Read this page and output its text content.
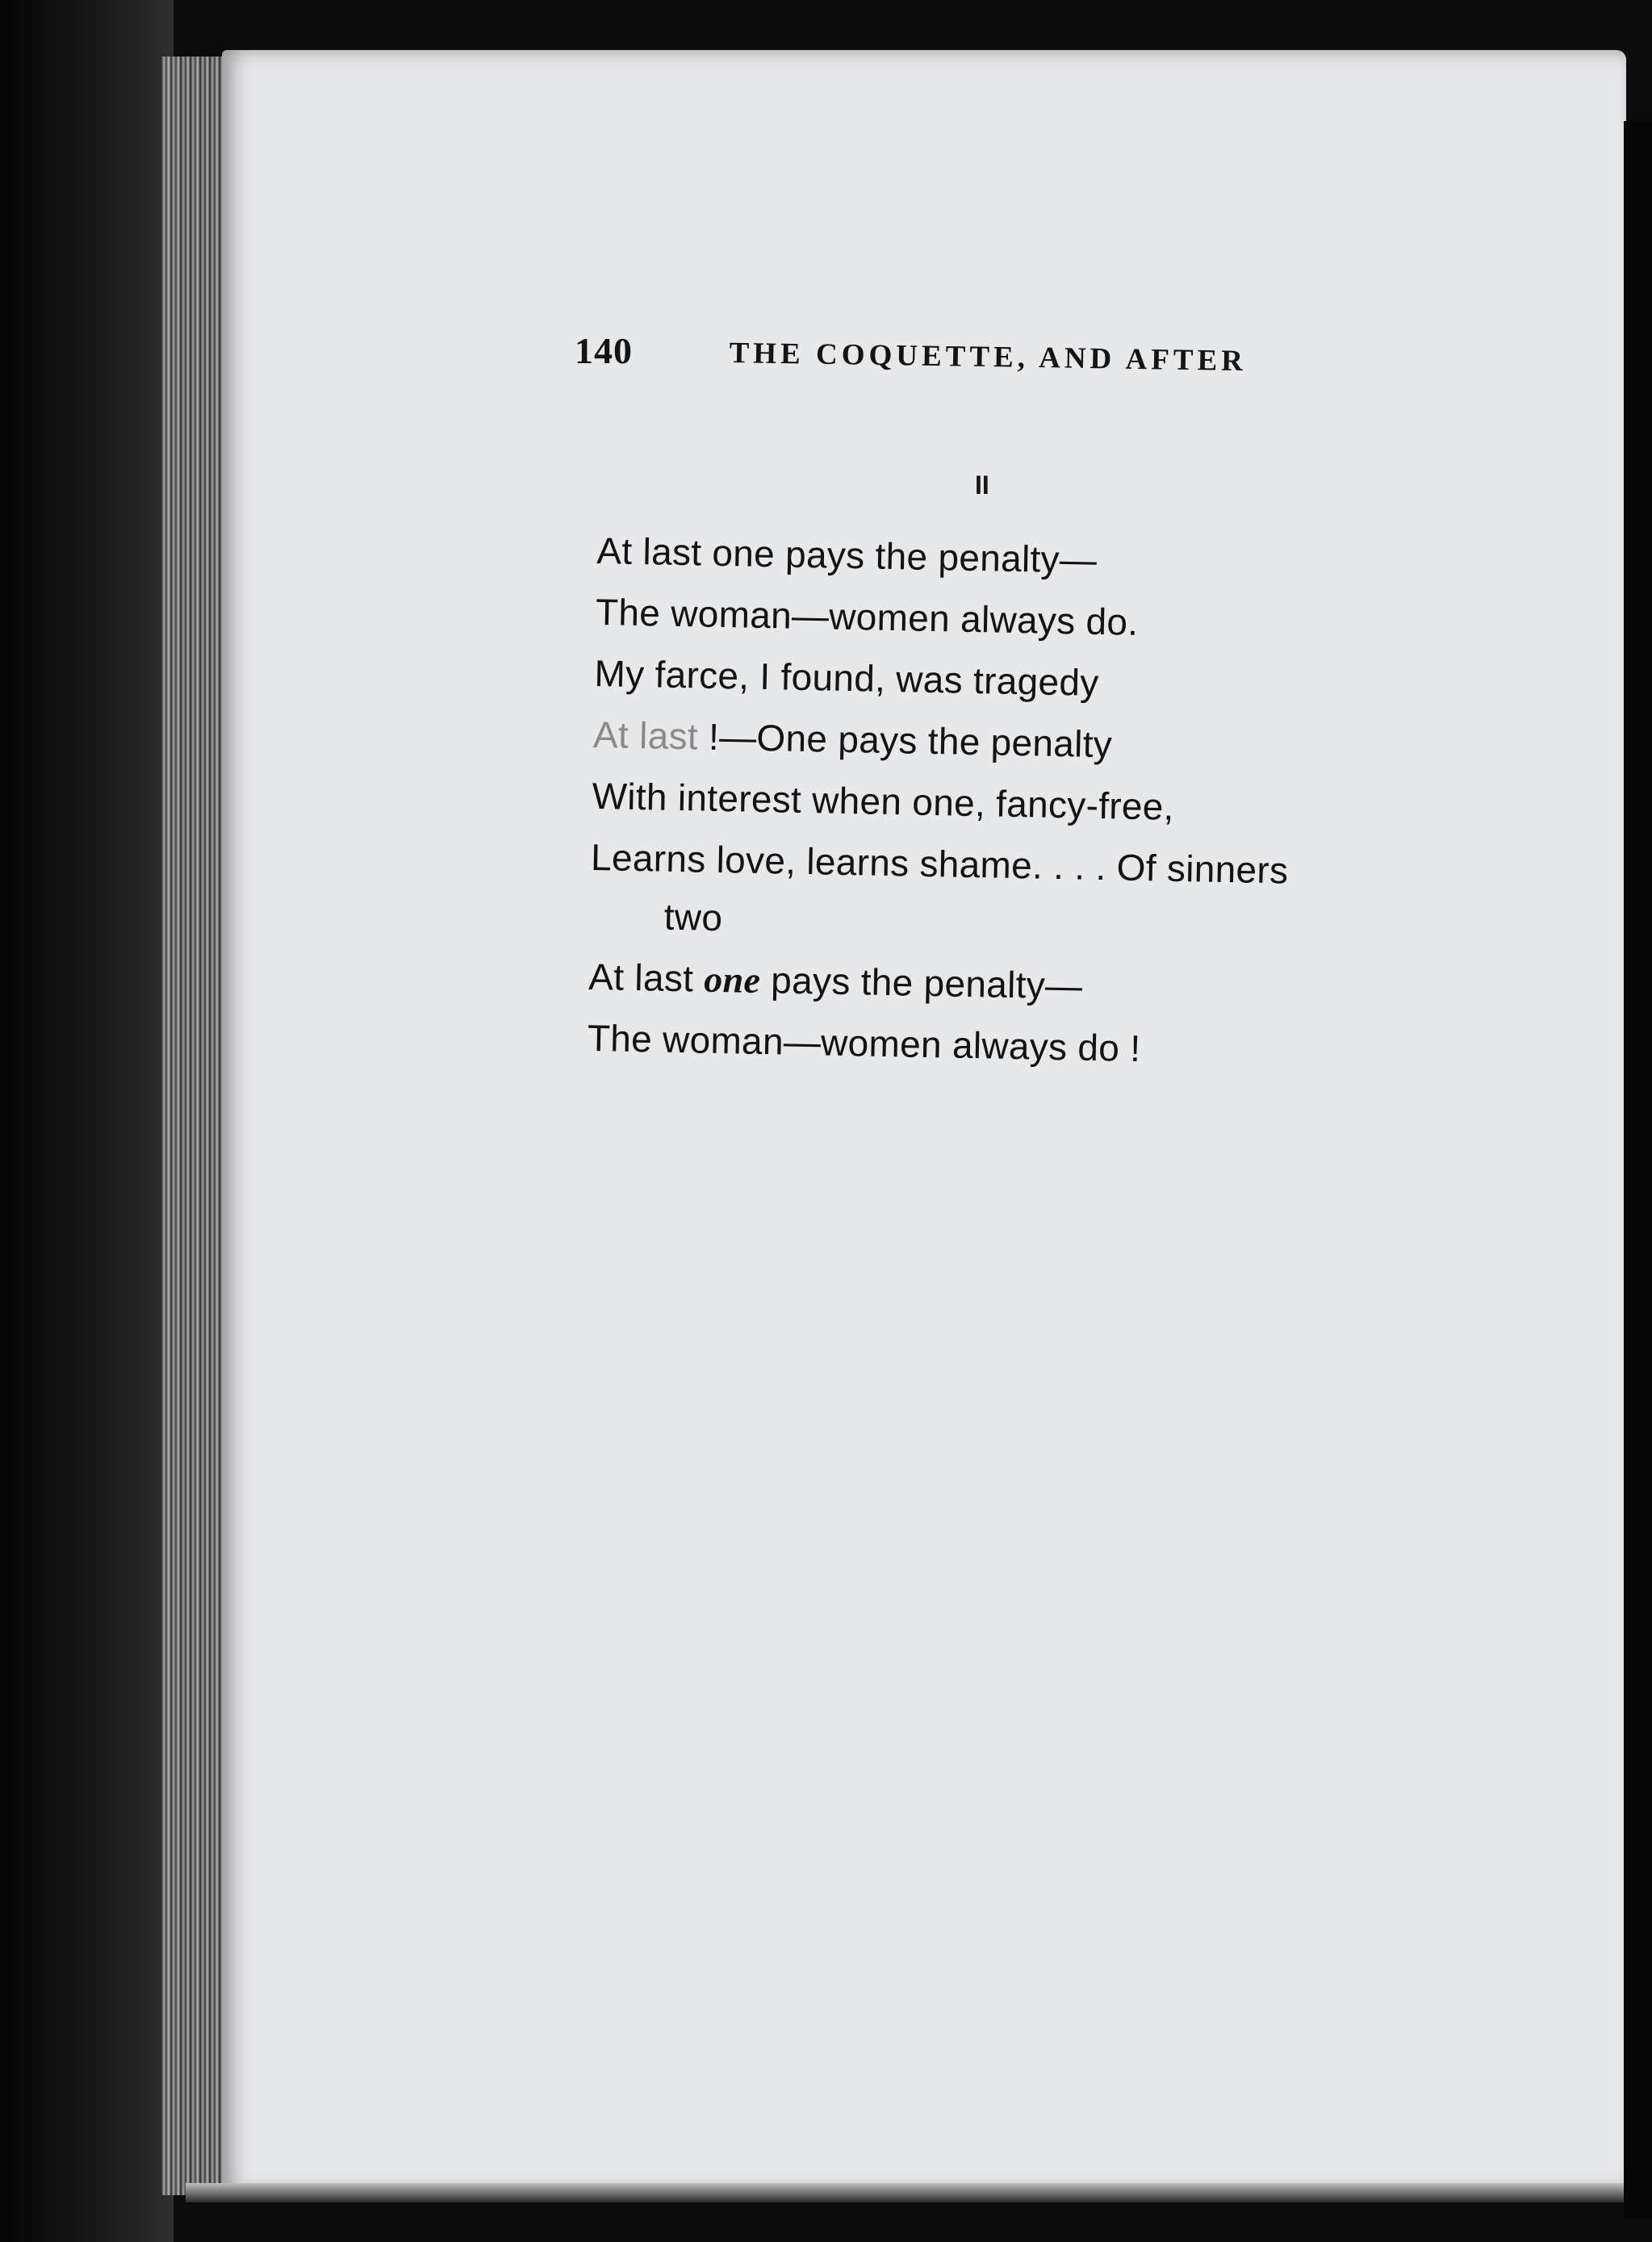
140	THE COQUETTE, AND AFTER
II
At last one pays the penalty—
The woman—women always do.
My farce, I found, was tragedy
At last !—One pays the penalty
With interest when one, fancy-free,
Learns love, learns shame. . . . Of sinners
two
At last one pays the penalty—
The woman—women always do !
